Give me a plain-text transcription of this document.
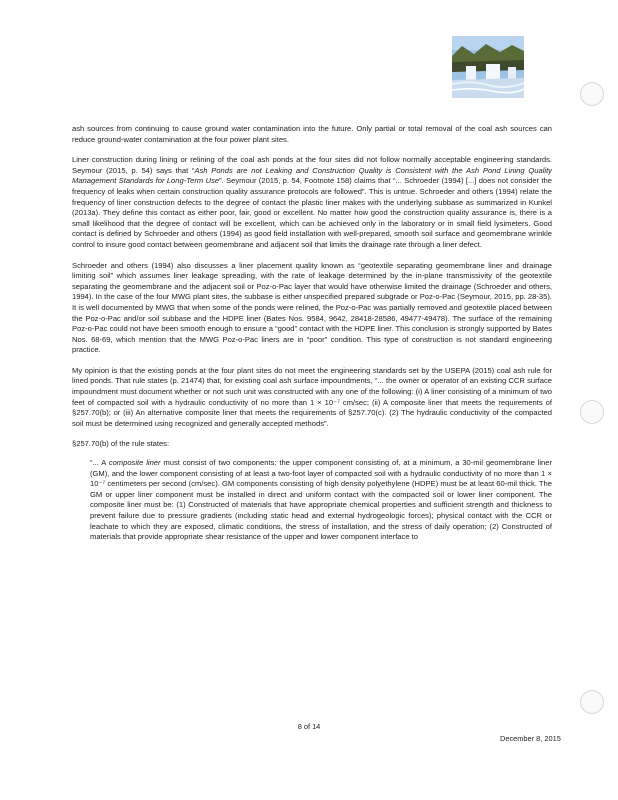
ash sources from continuing to cause ground water contamination into the future. Only partial or total removal of the coal ash sources can reduce ground-water contamination at the four power plant sites.

Liner construction during lining or relining of the coal ash ponds at the four sites did not follow normally acceptable engineering standards. Seymour (2015, p. 54) says that “Ash Ponds are not Leaking and Construction Quality is Consistent with the Ash Pond Lining Quality Management Standards for Long-Term Use”. Seymour (2015, p. 54, Footnote 158) claims that “... Schroeder (1994) [...] does not consider the frequency of leaks when certain construction quality assurance protocols are followed”. This is untrue. Schroeder and others (1994) relate the frequency of liner construction defects to the degree of contact the plastic liner makes with the underlying subbase as summarized in Kunkel (2013a). They define this contact as either poor, fair, good or excellent. No matter how good the construction quality assurance is, there is a small likelihood that the degree of contact will be excellent, which can be achieved only in the laboratory or in small field lysimeters. Good contact is defined by Schroeder and others (1994) as good field installation with well-prepared, smooth soil surface and geomembrane wrinkle control to insure good contact between geomembrane and adjacent soil that limits the drainage rate through a liner defect.

Schroeder and others (1994) also discusses a liner placement quality known as “geotextile separating geomembrane liner and drainage limiting soil” which assumes liner leakage spreading, with the rate of leakage determined by the in-plane transmissivity of the geotextile separating the geomembrane and the adjacent soil or Poz-o-Pac layer that would have otherwise limited the drainage (Schroeder and others, 1994). In the case of the four MWG plant sites, the subbase is either unspecified prepared subgrade or Poz-o-Pac (Seymour, 2015, pp. 28-35). It is well documented by MWG that when some of the ponds were relined, the Poz-o-Pac was partially removed and geotextile placed between the Poz-o-Pac and/or soil subbase and the HDPE liner (Bates Nos. 9584, 9642, 28418-28586, 49477-49478). The surface of the remaining Poz-o-Pac could not have been smooth enough to ensure a “good” contact with the HDPE liner. This conclusion is strongly supported by Bates Nos. 68-69, which mention that the MWG Poz-o-Pac liners are in “poor” condition. This type of construction is not standard engineering practice.

My opinion is that the existing ponds at the four plant sites do not meet the engineering standards set by the USEPA (2015) coal ash rule for lined ponds. That rule states (p. 21474) that, for existing coal ash surface impoundments, “... the owner or operator of an existing CCR surface impoundment must document whether or not such unit was constructed with any one of the following: (i) A liner consisting of a minimum of two feet of compacted soil with a hydraulic conductivity of no more than 1 × 10⁻⁷ cm/sec; (ii) A composite liner that meets the requirements of §257.70(b); or (iii) An alternative composite liner that meets the requirements of §257.70(c). (2) The hydraulic conductivity of the compacted soil must be determined using recognized and generally accepted methods”.

§257.70(b) of the rule states:

“... A composite liner must consist of two components: the upper component consisting of, at a minimum, a 30-mil geomembrane liner (GM), and the lower component consisting of at least a two-foot layer of compacted soil with a hydraulic conductivity of no more than 1 × 10⁻⁷ centimeters per second (cm/sec). GM components consisting of high density polyethylene (HDPE) must be at least 60-mil thick. The GM or upper liner component must be installed in direct and uniform contact with the compacted soil or lower liner component. The composite liner must be: (1) Constructed of materials that have appropriate chemical properties and sufficient strength and thickness to prevent failure due to pressure gradients (including static head and external hydrogeologic forces); physical contact with the CCR or leachate to which they are exposed, climatic conditions, the stress of installation, and the stress of daily operation; (2) Constructed of materials that provide appropriate shear resistance of the upper and lower component interface to

8 of 14
December 8, 2015
